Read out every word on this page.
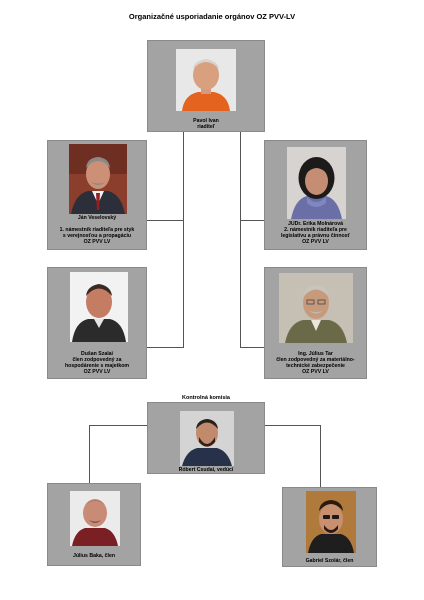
Organizačné usporiadanie orgánov OZ PVV-LV
Pavol Ivan
riaditeľ
Ján Veselovský

1. námestník riaditeľa pre styk
s verejnosťou a propagáciu
OZ PVV LV
JUDr. Erika Molnárová
2. námestník riaditeľa pre
legislatívu a právnu činnosť
OZ PVV LV
Dušan Szalai
člen zodpovedný za
hospodárenie s majetkom
OZ PVV LV
Ing. Július Tar
člen zodpovedný za materiálno-
technické zabezpečenie
OZ PVV LV
Róbert Csudai, vedúci
Kontrolná komisia
Július Baka, člen
Gabriel Szolár, člen
